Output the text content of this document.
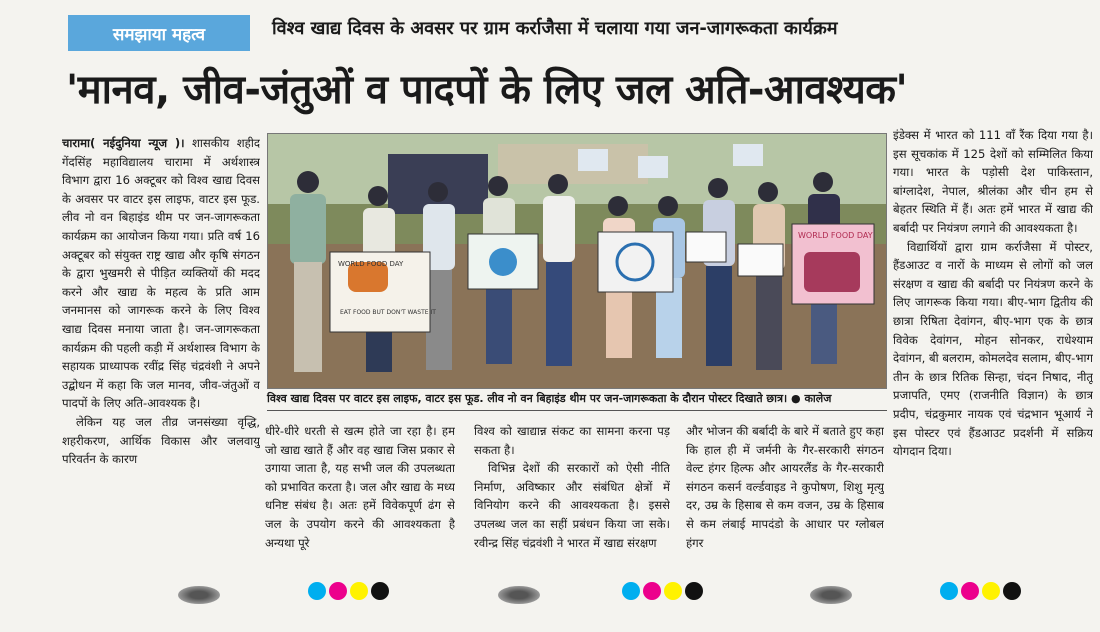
समझाया महत्व	विश्व खाद्य दिवस के अवसर पर ग्राम कर्राजैसा में चलाया गया जन-जागरूकता कार्यक्रम
'मानव, जीव-जंतुओं व पादपों के लिए जल अति-आवश्यक'

चारामा( नईदुनिया न्यूज )। शासकीय शहीद गेंदसिंह महाविद्यालय चारामा में अर्थशास्त्र विभाग द्वारा 16 अक्टूबर को विश्व खाद्य दिवस के अवसर पर वाटर इस लाइफ, वाटर इस फूड. लीव नो वन बिहाइंड थीम पर जन-जागरूकता कार्यक्रम का आयोजन किया गया। प्रति वर्ष 16 अक्टूबर को संयुक्त राष्ट्र खाद्य और कृषि संगठन के द्वारा भुखमरी से पीड़ित व्यक्तियों की मदद करने और खाद्य के महत्व के प्रति आम जनमानस को जागरूक करने के लिए विश्व खाद्य दिवस मनाया जाता है। जन-जागरूकता कार्यक्रम की पहली कड़ी में अर्थशास्त्र विभाग के सहायक प्राध्यापक रवींद्र सिंह चंद्रवंशी ने अपने उद्बोधन में कहा कि जल मानव, जीव-जंतुओं व पादपों के लिए अति-आवश्यक है।

लेकिन यह जल तीव्र जनसंख्या वृद्धि, शहरीकरण, आर्थिक विकास और जलवायु परिवर्तन के कारण

WORLD FOOD DAY
EAT FOOD BUT DON'T WASTE IT
WORLD FOOD DAY
विश्व खाद्य दिवस पर वाटर इस लाइफ, वाटर इस फूड. लीव नो वन बिहाइंड थीम पर जन-जागरूकता के दौरान पोस्टर दिखाते छात्र। ● कालेज

धीरे-धीरे धरती से खत्म होते जा रहा है। हम जो खाद्य खाते हैं और वह खाद्य जिस प्रकार से उगाया जाता है, यह सभी जल की उपलब्धता को प्रभावित करता है। जल और खाद्य के मध्य धनिष्ट संबंध है। अतः हमें विवेकपूर्ण ढंग से जल के उपयोग करने की आवश्यकता है अन्यथा पूरे

विश्व को खाद्यान्न संकट का सामना करना पड़ सकता है।

विभिन्न देशों की सरकारों को ऐसी नीति निर्माण, अविष्कार और संबंधित क्षेत्रों में विनियोग करने की आवश्यकता है। इससे उपलब्ध जल का सहीं प्रबंधन किया जा सके। रवीन्द्र सिंह चंद्रवंशी ने भारत में खाद्य संरक्षण

और भोजन की बर्बादी के बारे में बताते हुए कहा कि हाल ही में जर्मनी के गैर-सरकारी संगठन वेल्ट हंगर हिल्फ और आयरलैंड के गैर-सरकारी संगठन कसर्न वर्ल्डवाइड ने कुपोषण, शिशु मृत्यु दर, उम्र के हिसाब से कम वजन, उम्र के हिसाब से कम लंबाई मापदंडो के आधार पर ग्लोबल हंगर

इंडेक्स में भारत को 111 वाँ रैंक दिया गया है। इस सूचकांक में 125 देशों को सम्मिलित किया गया। भारत के पड़ोसी देश पाकिस्तान, बांग्लादेश, नेपाल, श्रीलंका और चीन हम से बेहतर स्थिति में हैं। अतः हमें भारत में खाद्य की बर्बादी पर नियंत्रण लगाने की आवश्यकता है।

विद्यार्थियों द्वारा ग्राम कर्राजैसा में पोस्टर, हैंडआउट व नारों के माध्यम से लोगों को जल संरक्षण व खाद्य की बर्बादी पर नियंत्रण करने के लिए जागरूक किया गया। बीए-भाग द्वितीय की छात्रा रिषिता देवांगन, बीए-भाग एक के छात्र विवेक देवांगन, मोहन सोनकर, राधेश्याम देवांगन, बी बलराम, कोमलदेव सलाम, बीए-भाग तीन के छात्र रितिक सिन्हा, चंदन निषाद, नीतू प्रजापति, एमए (राजनीति विज्ञान) के छात्र प्रदीप, चंद्रकुमार नायक एवं चंद्रभान भूआर्य ने इस पोस्टर एवं हैंडआउट प्रदर्शनी में सक्रिय योगदान दिया।
